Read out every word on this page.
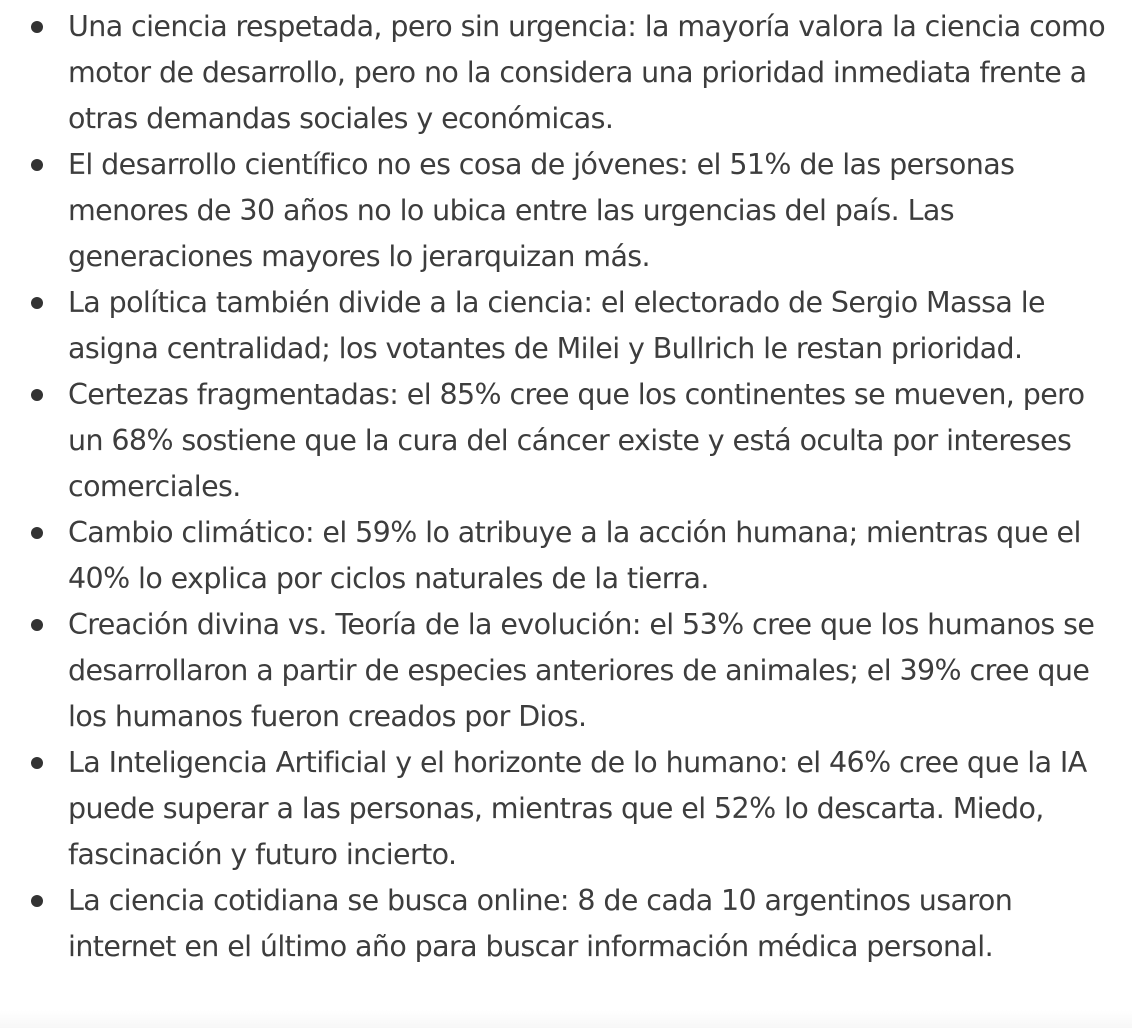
Una ciencia respetada, pero sin urgencia: la mayoría valora la ciencia como motor de desarrollo, pero no la considera una prioridad inmediata frente a otras demandas sociales y económicas.
El desarrollo científico no es cosa de jóvenes: el 51% de las personas menores de 30 años no lo ubica entre las urgencias del país. Las generaciones mayores lo jerarquizan más.
La política también divide a la ciencia: el electorado de Sergio Massa le asigna centralidad; los votantes de Milei y Bullrich le restan prioridad.
Certezas fragmentadas: el 85% cree que los continentes se mueven, pero un 68% sostiene que la cura del cáncer existe y está oculta por intereses comerciales.
Cambio climático: el 59% lo atribuye a la acción humana; mientras que el 40% lo explica por ciclos naturales de la tierra.
Creación divina vs. Teoría de la evolución: el 53% cree que los humanos se desarrollaron a partir de especies anteriores de animales; el 39% cree que los humanos fueron creados por Dios.
La Inteligencia Artificial y el horizonte de lo humano: el 46% cree que la IA puede superar a las personas, mientras que el 52% lo descarta. Miedo, fascinación y futuro incierto.
La ciencia cotidiana se busca online: 8 de cada 10 argentinos usaron internet en el último año para buscar información médica personal.
